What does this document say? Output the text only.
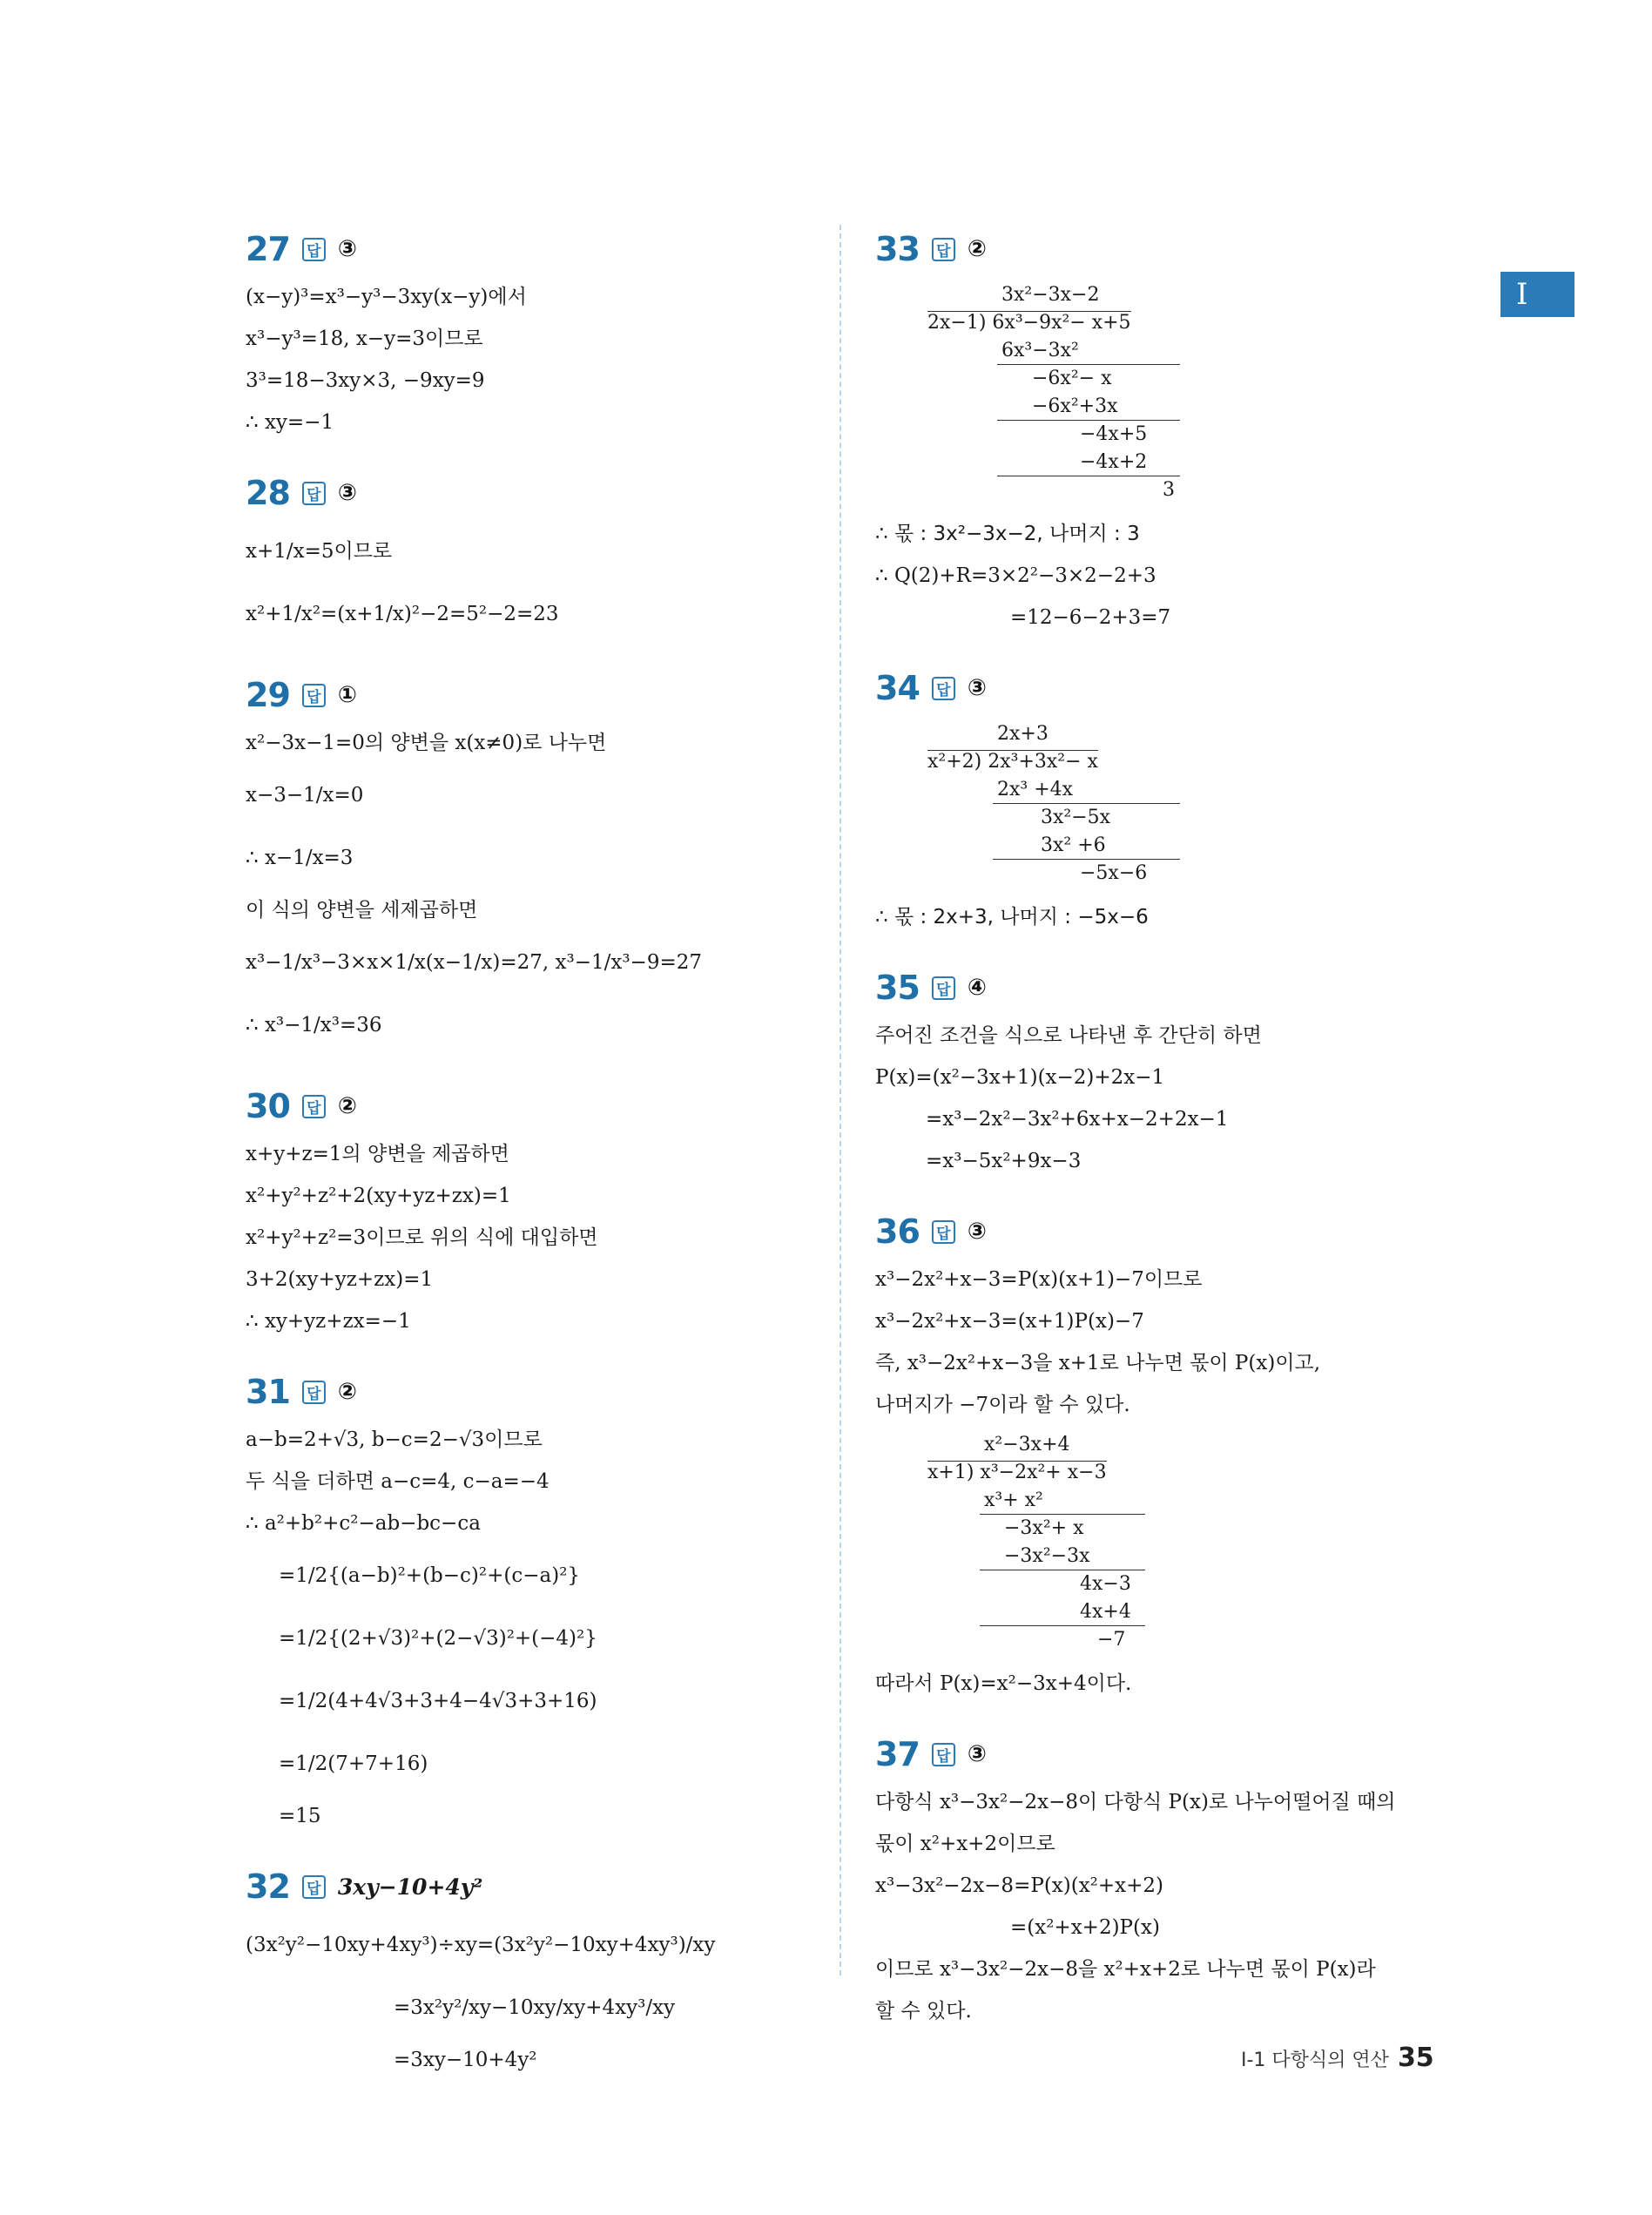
I
27	답 ③
(x−y)³=x³−y³−3xy(x−y)에서
x³−y³=18, x−y=3이므로
3³=18−3xy×3, −9xy=9
∴ xy=−1
28	답 ③
x+1/x=5이므로
x²+1/x²=(x+1/x)²−2=5²−2=23
29	답 ①
x²−3x−1=0의 양변을 x(x≠0)로 나누면
x−3−1/x=0
∴ x−1/x=3
이 식의 양변을 세제곱하면
x³−1/x³−3×x×1/x(x−1/x)=27, x³−1/x³−9=27
∴ x³−1/x³=36
30	답 ②
x+y+z=1의 양변을 제곱하면
x²+y²+z²+2(xy+yz+zx)=1
x²+y²+z²=3이므로 위의 식에 대입하면
3+2(xy+yz+zx)=1
∴ xy+yz+zx=−1
31	답 ②
a−b=2+√3, b−c=2−√3이므로
두 식을 더하면 a−c=4, c−a=−4
∴ a²+b²+c²−ab−bc−ca
=1/2{(a−b)²+(b−c)²+(c−a)²}
=1/2{(2+√3)²+(2−√3)²+(−4)²}
=1/2(4+4√3+3+4−4√3+3+16)
=1/2(7+7+16)
=15
32	답 3xy−10+4y²
(3x²y²−10xy+4xy³)÷xy=(3x²y²−10xy+4xy³)/xy
=3x²y²/xy−10xy/xy+4xy³/xy
=3xy−10+4y²
33	답 ②
3x²−3x−2
2x−1) 6x³−9x²− x+5
6x³−3x²
−6x²− x
−6x²+3x
−4x+5
−4x+2
3
∴ 몫 : 3x²−3x−2, 나머지 : 3
∴ Q(2)+R=3×2²−3×2−2+3
=12−6−2+3=7
34	답 ③
2x+3
x²+2) 2x³+3x²− x
2x³ +4x
3x²−5x
3x² +6
−5x−6
∴ 몫 : 2x+3, 나머지 : −5x−6
35	답 ④
주어진 조건을 식으로 나타낸 후 간단히 하면
P(x)=(x²−3x+1)(x−2)+2x−1
=x³−2x²−3x²+6x+x−2+2x−1
=x³−5x²+9x−3
36	답 ③
x³−2x²+x−3=P(x)(x+1)−7이므로
x³−2x²+x−3=(x+1)P(x)−7
즉, x³−2x²+x−3을 x+1로 나누면 몫이 P(x)이고,
나머지가 −7이라 할 수 있다.
x²−3x+4
x+1) x³−2x²+ x−3
x³+ x²
−3x²+ x
−3x²−3x
4x−3
4x+4
−7
따라서 P(x)=x²−3x+4이다.
37	답 ③
다항식 x³−3x²−2x−8이 다항식 P(x)로 나누어떨어질 때의
몫이 x²+x+2이므로
x³−3x²−2x−8=P(x)(x²+x+2)
=(x²+x+2)P(x)
이므로 x³−3x²−2x−8을 x²+x+2로 나누면 몫이 P(x)라
할 수 있다.
I-1 다항식의 연산 35
